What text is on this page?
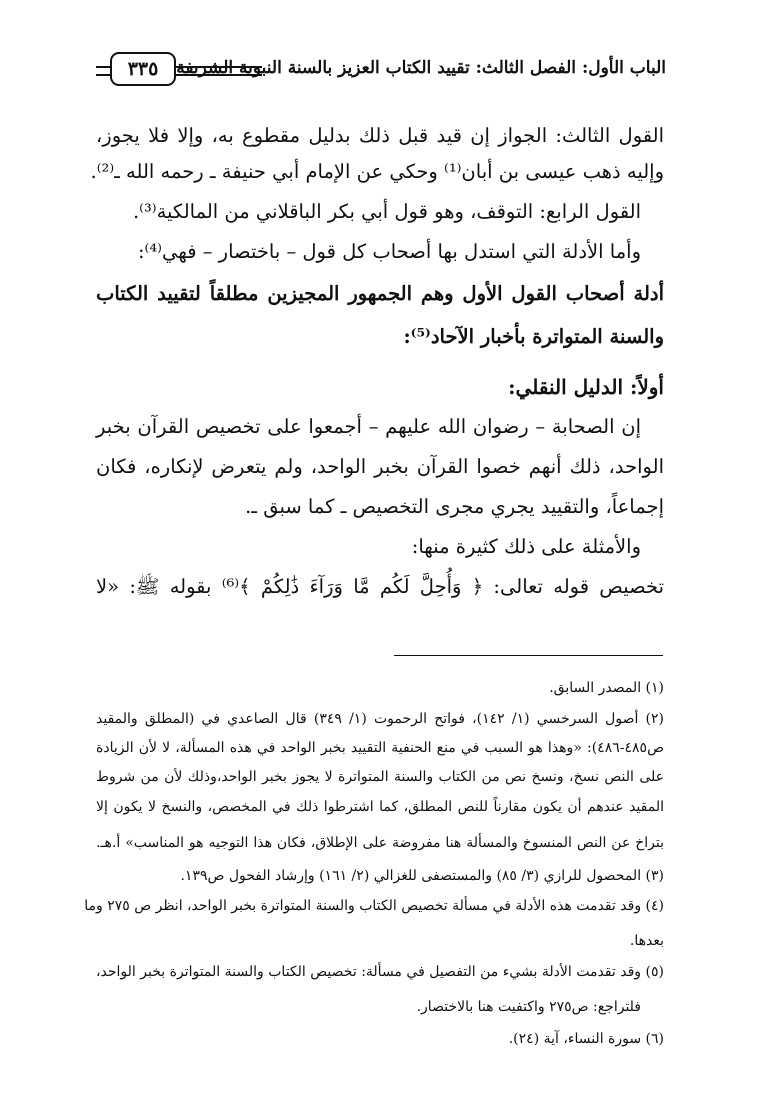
الباب الأول: الفصل الثالث: تقييد الكتاب العزيز بالسنة النبوية الشريفة
٣٣٥
القول الثالث: الجواز إن قيد قبل ذلك بدليل مقطوع به، وإلا فلا يجوز،
وإليه ذهب عيسى بن أبان⁽¹⁾ وحكي عن الإمام أبي حنيفة ـ رحمه الله ـ⁽²⁾.
القول الرابع: التوقف، وهو قول أبي بكر الباقلاني من المالكية⁽³⁾.
وأما الأدلة التي استدل بها أصحاب كل قول – باختصار – فهي⁽⁴⁾:
أدلة أصحاب القول الأول وهم الجمهور المجيزين مطلقاً لتقييد الكتاب
والسنة المتواترة بأخبار الآحاد⁽⁵⁾:
أولاً: الدليل النقلي:
إن الصحابة – رضوان الله عليهم – أجمعوا على تخصيص القرآن بخبر
الواحد، ذلك أنهم خصوا القرآن بخبر الواحد، ولم يتعرض لإنكاره، فكان
إجماعاً، والتقييد يجري مجرى التخصيص ـ كما سبق ـ.
والأمثلة على ذلك كثيرة منها:
تخصيص قوله تعالى: ﴿ وَأُحِلَّ لَكُم مَّا وَرَآءَ ذَٰلِكُمْ ﴾⁽⁶⁾ بقوله ﷺ: «لا
(١) المصدر السابق.
(٢) أصول السرخسي (١/ ١٤٢)، فواتح الرحموت (١/ ٣٤٩) قال الصاعدي في (المطلق والمقيد
ص٤٨٥-٤٨٦): «وهذا هو السبب في منع الحنفية التقييد بخبر الواحد في هذه المسألة، لا لأن الزيادة
على النص نسخ، ونسخ نص من الكتاب والسنة المتواترة لا يجوز بخبر الواحد،وذلك لأن من شروط
المقيد عندهم أن يكون مقارناً للنص المطلق، كما اشترطوا ذلك في المخصص، والنسخ لا يكون إلا
بتراخ عن النص المنسوخ والمسألة هنا مفروضة على الإطلاق، فكان هذا التوجيه هو المناسب» أ.هـ.
(٣) المحصول للرازي (٣/ ٨٥) والمستصفى للغزالي (٢/ ١٦١) وإرشاد الفحول ص١٣٩.
(٤) وقد تقدمت هذه الأدلة في مسألة تخصيص الكتاب والسنة المتواترة بخبر الواحد، انظر ص ٢٧٥ وما
بعدها.
(٥) وقد تقدمت الأدلة بشيء من التفصيل في مسألة: تخصيص الكتاب والسنة المتواترة بخبر الواحد،
فلتراجع: ص٢٧٥ واكتفيت هنا بالاختصار.
(٦) سورة النساء، آية (٢٤).
